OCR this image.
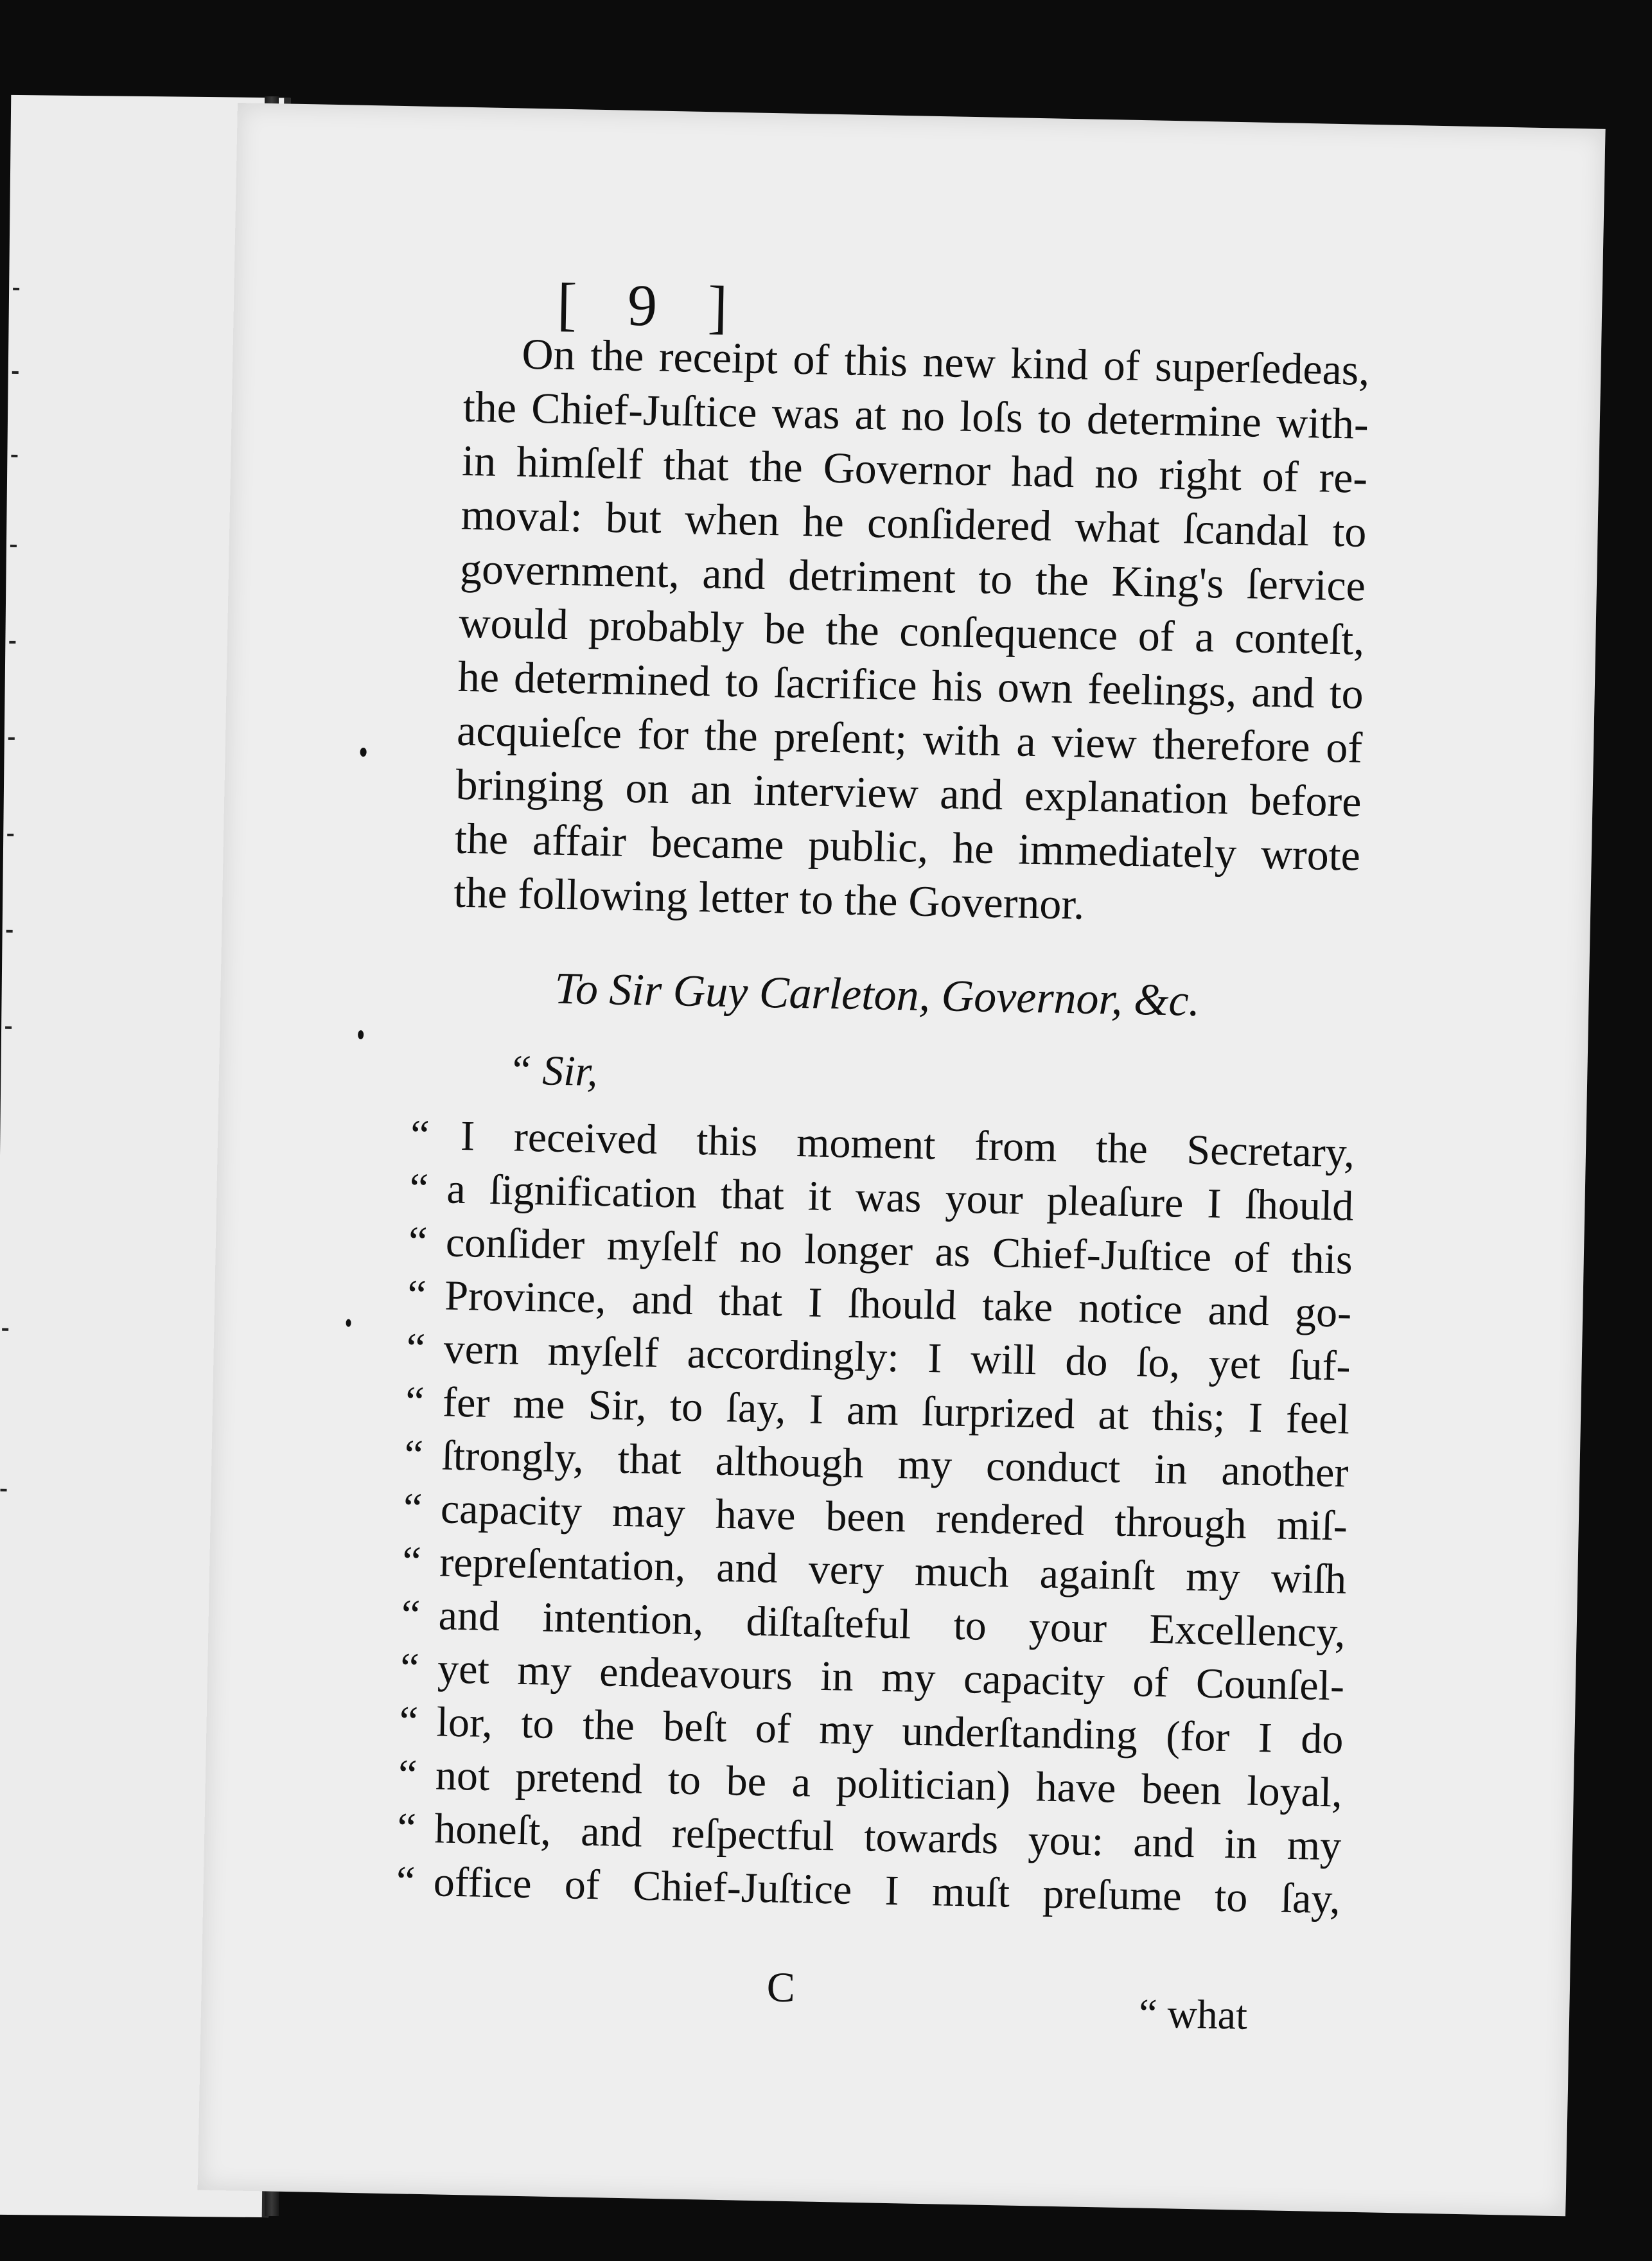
[ 9 ]
On the receipt of this new kind of superſedeas,
the Chief-Juſtice was at no loſs to determine with-
in himſelf that the Governor had no right of re-
moval: but when he conſidered what ſcandal to
government, and detriment to the King's ſervice
would probably be the conſequence of a conteſt,
he determined to ſacrifice his own feelings, and to
acquieſce for the preſent; with a view therefore of
bringing on an interview and explanation before
the affair became public, he immediately wrote
the following letter to the Governor.
To Sir Guy Carleton, Governor, &c.
“ Sir,
“ I received this moment from the Secretary,
“ a ſignification that it was your pleaſure I ſhould
“ conſider myſelf no longer as Chief-Juſtice of this
“ Province, and that I ſhould take notice and go-
“ vern myſelf accordingly: I will do ſo, yet ſuf-
“ fer me Sir, to ſay, I am ſurprized at this; I feel
“ ſtrongly, that although my conduct in another
“ capacity may have been rendered through miſ-
“ repreſentation, and very much againſt my wiſh
“ and intention, diſtaſteful to your Excellency,
“ yet my endeavours in my capacity of Counſel-
“ lor, to the beſt of my underſtanding (for I do
“ not pretend to be a politician) have been loyal,
“ honeſt, and reſpectful towards you: and in my
“ office of Chief-Juſtice I muſt preſume to ſay,
C
“ what
